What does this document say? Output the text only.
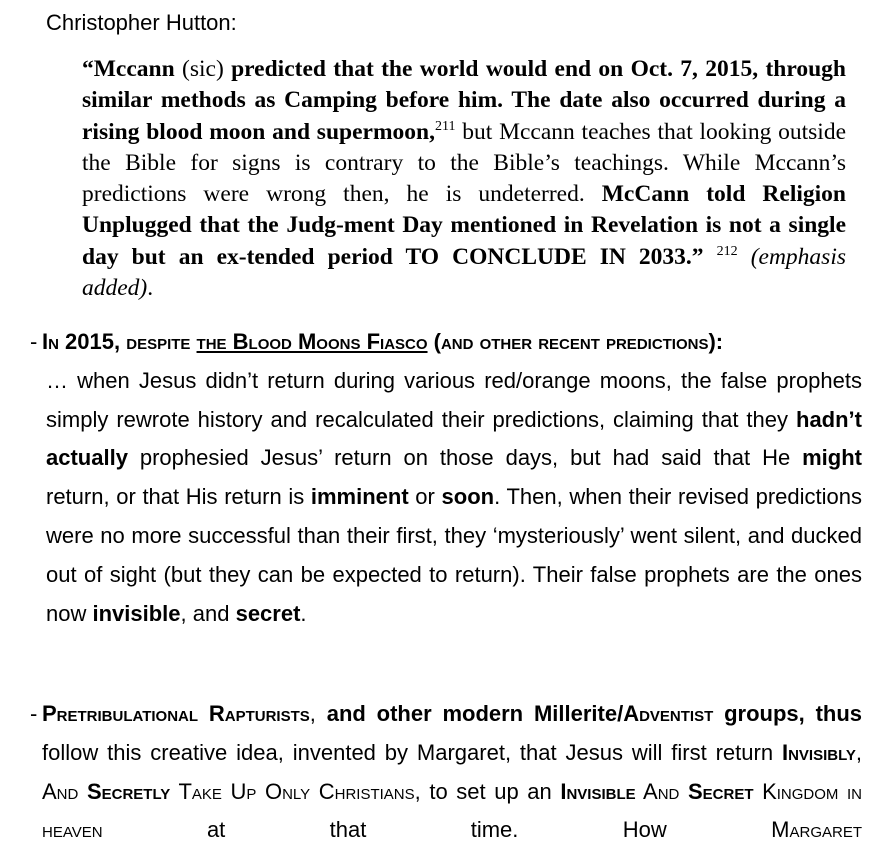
Christopher Hutton:
“Mccann (sic) predicted that the world would end on Oct. 7, 2015, through similar methods as Camping before him. The date also occurred during a rising blood moon and supermoon,$^{211}$ but Mccann teaches that looking outside the Bible for signs is contrary to the Bible’s teachings. While Mccann’s predictions were wrong then, he is undeterred. McCann told Religion Unplugged that the Judg-ment Day mentioned in Revelation is not a single day but an ex-tended period TO CONCLUDE IN 2033.” $^{212}$ (emphasis added).
- In 2015, despite the Blood Moons Fiasco (and other recent predictions):
… when Jesus didn’t return during various red/orange moons, the false prophets simply rewrote history and recalculated their predictions, claiming that they hadn’t actually prophesied Jesus’ return on those days, but had said that He might return, or that His return is imminent or soon. Then, when their revised predictions were no more successful than their first, they ‘mysteriously’ went silent, and ducked out of sight (but they can be expected to return). Their false prophets are the ones now invisible, and secret.
- Pretribulational Rapturists, and other modern Millerite/Adventist groups, thus follow this creative idea, invented by Margaret, that Jesus will first return Invisibly, And Secretly Take Up Only Christians, to set up an Invisible And Secret Kingdom in heaven at that time. How Margaret
